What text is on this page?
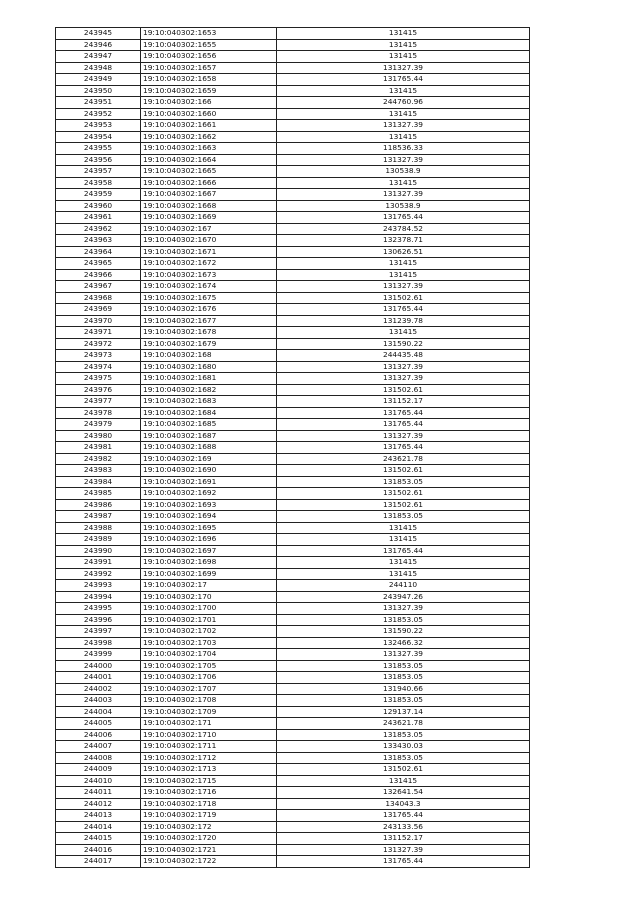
243945	19:10:040302:1653	131415
243946	19:10:040302:1655	131415
243947	19:10:040302:1656	131415
243948	19:10:040302:1657	131327.39
243949	19:10:040302:1658	131765.44
243950	19:10:040302:1659	131415
243951	19:10:040302:166	244760.96
243952	19:10:040302:1660	131415
243953	19:10:040302:1661	131327.39
243954	19:10:040302:1662	131415
243955	19:10:040302:1663	118536.33
243956	19:10:040302:1664	131327.39
243957	19:10:040302:1665	130538.9
243958	19:10:040302:1666	131415
243959	19:10:040302:1667	131327.39
243960	19:10:040302:1668	130538.9
243961	19:10:040302:1669	131765.44
243962	19:10:040302:167	243784.52
243963	19:10:040302:1670	132378.71
243964	19:10:040302:1671	130626.51
243965	19:10:040302:1672	131415
243966	19:10:040302:1673	131415
243967	19:10:040302:1674	131327.39
243968	19:10:040302:1675	131502.61
243969	19:10:040302:1676	131765.44
243970	19:10:040302:1677	131239.78
243971	19:10:040302:1678	131415
243972	19:10:040302:1679	131590.22
243973	19:10:040302:168	244435.48
243974	19:10:040302:1680	131327.39
243975	19:10:040302:1681	131327.39
243976	19:10:040302:1682	131502.61
243977	19:10:040302:1683	131152.17
243978	19:10:040302:1684	131765.44
243979	19:10:040302:1685	131765.44
243980	19:10:040302:1687	131327.39
243981	19:10:040302:1688	131765.44
243982	19:10:040302:169	243621.78
243983	19:10:040302:1690	131502.61
243984	19:10:040302:1691	131853.05
243985	19:10:040302:1692	131502.61
243986	19:10:040302:1693	131502.61
243987	19:10:040302:1694	131853.05
243988	19:10:040302:1695	131415
243989	19:10:040302:1696	131415
243990	19:10:040302:1697	131765.44
243991	19:10:040302:1698	131415
243992	19:10:040302:1699	131415
243993	19:10:040302:17	244110
243994	19:10:040302:170	243947.26
243995	19:10:040302:1700	131327.39
243996	19:10:040302:1701	131853.05
243997	19:10:040302:1702	131590.22
243998	19:10:040302:1703	132466.32
243999	19:10:040302:1704	131327.39
244000	19:10:040302:1705	131853.05
244001	19:10:040302:1706	131853.05
244002	19:10:040302:1707	131940.66
244003	19:10:040302:1708	131853.05
244004	19:10:040302:1709	129137.14
244005	19:10:040302:171	243621.78
244006	19:10:040302:1710	131853.05
244007	19:10:040302:1711	133430.03
244008	19:10:040302:1712	131853.05
244009	19:10:040302:1713	131502.61
244010	19:10:040302:1715	131415
244011	19:10:040302:1716	132641.54
244012	19:10:040302:1718	134043.3
244013	19:10:040302:1719	131765.44
244014	19:10:040302:172	243133.56
244015	19:10:040302:1720	131152.17
244016	19:10:040302:1721	131327.39
244017	19:10:040302:1722	131765.44
